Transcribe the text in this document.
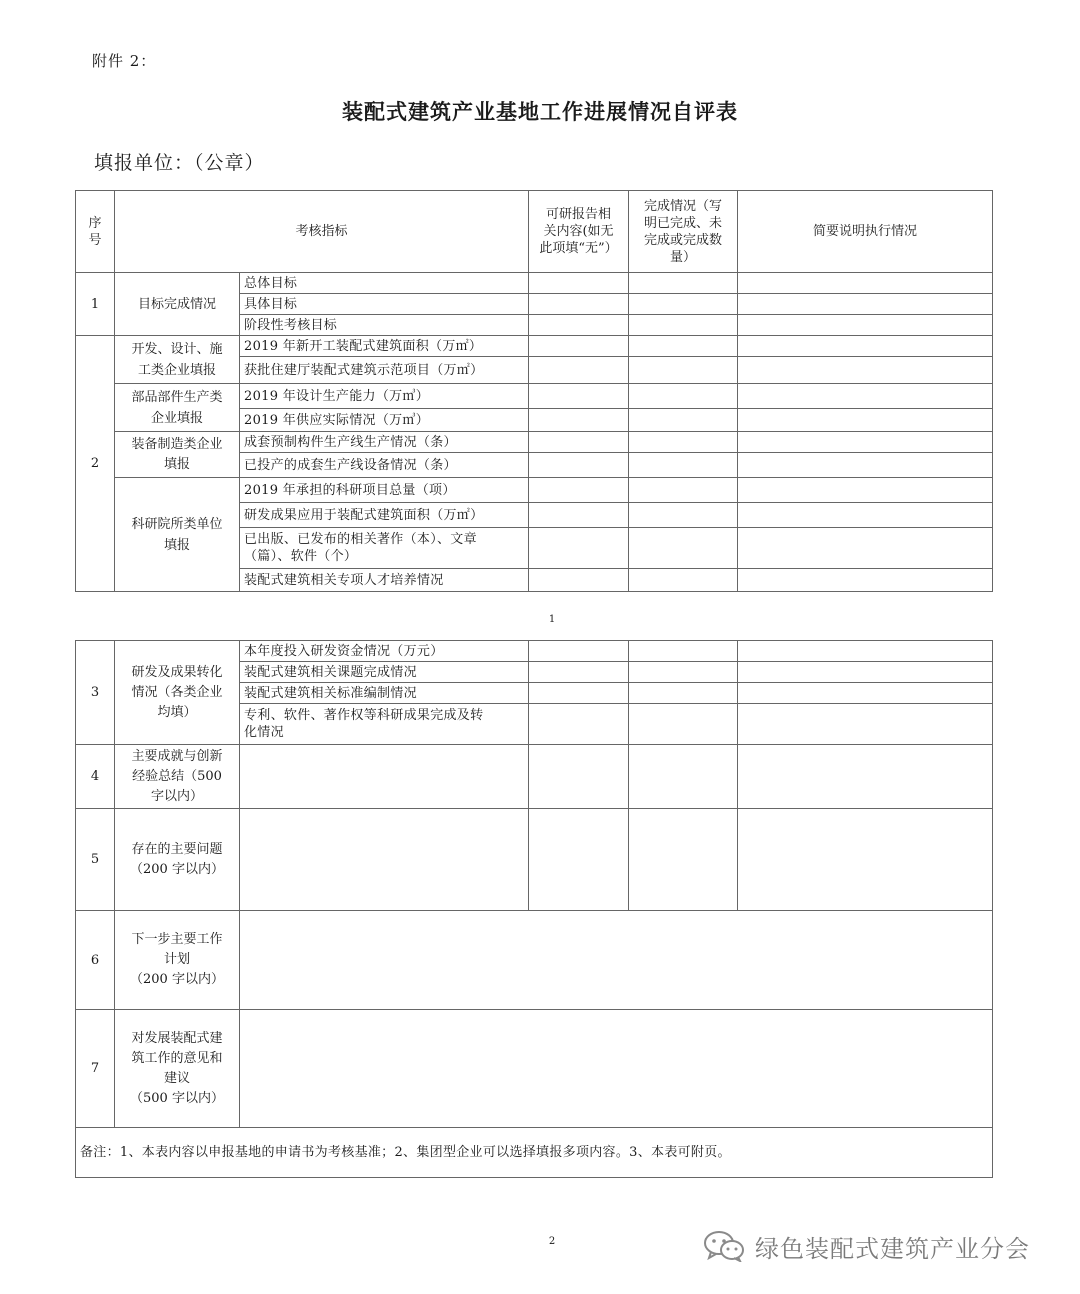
附件 2：
装配式建筑产业基地工作进展情况自评表
填报单位：（公章）
序
号	考核指标		可研报告相
关内容(如无
此项填“无”）	完成情况（写
明已完成、未
完成或完成数
量）	简要说明执行情况
1	目标完成情况	总体目标			
		具体目标			
		阶段性考核目标			
2	开发、设计、施
工类企业填报	2019 年新开工装配式建筑面积（万㎡）			
		获批住建厅装配式建筑示范项目（万㎡）			
	部品部件生产类
企业填报	2019 年设计生产能力（万㎥）			
		2019 年供应实际情况（万㎥）			
	装备制造类企业
填报	成套预制构件生产线生产情况（条）			
		已投产的成套生产线设备情况（条）			
	科研院所类单位
填报	2019 年承担的科研项目总量（项）			
		研发成果应用于装配式建筑面积（万㎡）			
		已出版、已发布的相关著作（本）、文章
（篇）、软件（个）			
		装配式建筑相关专项人才培养情况			
1
3	研发及成果转化
情况（各类企业
均填）	本年度投入研发资金情况（万元）			
		装配式建筑相关课题完成情况			
		装配式建筑相关标准编制情况			
		专利、软件、著作权等科研成果完成及转
化情况			
4	主要成就与创新
经验总结（500
字以内）				
5	存在的主要问题
（200 字以内）				
6	下一步主要工作
计划
（200 字以内）				
7	对发展装配式建
筑工作的意见和
建议
（500 字以内）				
备注：1、本表内容以申报基地的申请书为考核基准；2、集团型企业可以选择填报多项内容。3、本表可附页。					
2	绿色装配式建筑产业分会
